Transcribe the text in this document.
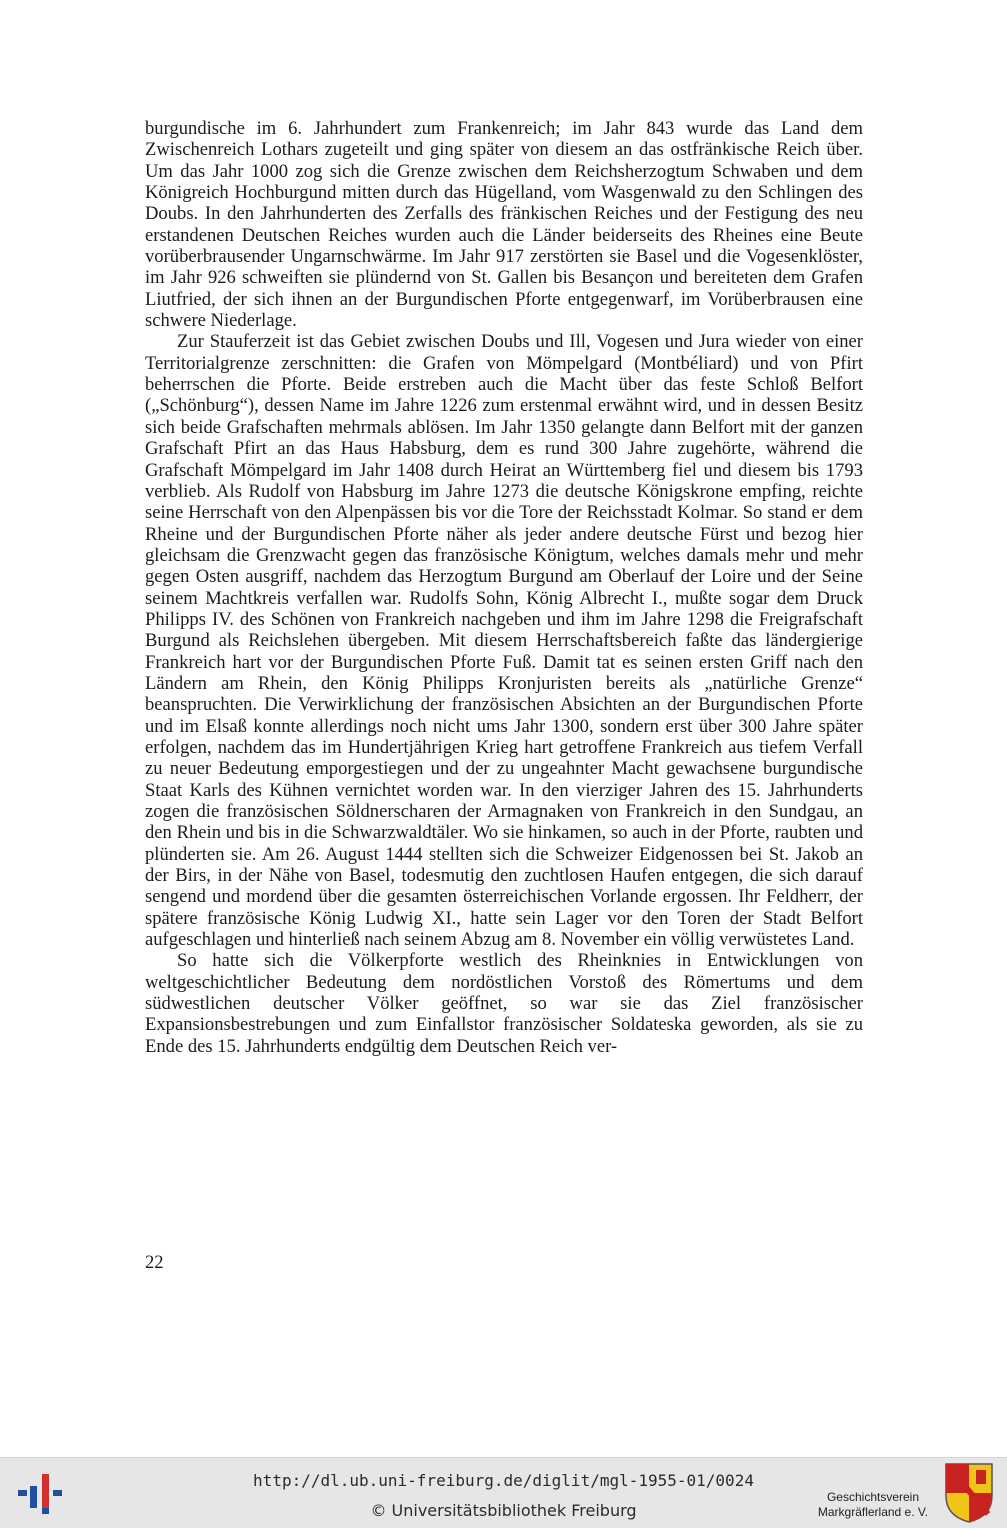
burgundische im 6. Jahrhundert zum Frankenreich; im Jahr 843 wurde das Land dem Zwischenreich Lothars zugeteilt und ging später von diesem an das ostfränkische Reich über. Um das Jahr 1000 zog sich die Grenze zwischen dem Reichsherzogtum Schwaben und dem Königreich Hochburgund mitten durch das Hügelland, vom Wasgenwald zu den Schlingen des Doubs. In den Jahrhunderten des Zerfalls des fränkischen Reiches und der Festigung des neu erstandenen Deutschen Reiches wurden auch die Länder beiderseits des Rheines eine Beute vorüberbrausender Ungarnschwärme. Im Jahr 917 zerstörten sie Basel und die Vogesenklöster, im Jahr 926 schweiften sie plündernd von St. Gallen bis Besançon und bereiteten dem Grafen Liutfried, der sich ihnen an der Burgundischen Pforte entgegenwarf, im Vorüberbrausen eine schwere Niederlage.

Zur Stauferzeit ist das Gebiet zwischen Doubs und Ill, Vogesen und Jura wieder von einer Territorialgrenze zerschnitten: die Grafen von Mömpelgard (Montbéliard) und von Pfirt beherrschen die Pforte. Beide erstreben auch die Macht über das feste Schloß Belfort („Schönburg“), dessen Name im Jahre 1226 zum erstenmal erwähnt wird, und in dessen Besitz sich beide Grafschaften mehrmals ablösen. Im Jahr 1350 gelangte dann Belfort mit der ganzen Grafschaft Pfirt an das Haus Habsburg, dem es rund 300 Jahre zugehörte, während die Grafschaft Mömpelgard im Jahr 1408 durch Heirat an Württemberg fiel und diesem bis 1793 verblieb. Als Rudolf von Habsburg im Jahre 1273 die deutsche Königskrone empfing, reichte seine Herrschaft von den Alpenpässen bis vor die Tore der Reichsstadt Kolmar. So stand er dem Rheine und der Burgundischen Pforte näher als jeder andere deutsche Fürst und bezog hier gleichsam die Grenzwacht gegen das französische Königtum, welches damals mehr und mehr gegen Osten ausgriff, nachdem das Herzogtum Burgund am Oberlauf der Loire und der Seine seinem Machtkreis verfallen war. Rudolfs Sohn, König Albrecht I., mußte sogar dem Druck Philipps IV. des Schönen von Frankreich nachgeben und ihm im Jahre 1298 die Freigrafschaft Burgund als Reichslehen übergeben. Mit diesem Herrschaftsbereich faßte das ländergierige Frankreich hart vor der Burgundischen Pforte Fuß. Damit tat es seinen ersten Griff nach den Ländern am Rhein, den König Philipps Kronjuristen bereits als „natürliche Grenze“ beanspruchten. Die Verwirklichung der französischen Absichten an der Burgundischen Pforte und im Elsaß konnte allerdings noch nicht ums Jahr 1300, sondern erst über 300 Jahre später erfolgen, nachdem das im Hundertjährigen Krieg hart getroffene Frankreich aus tiefem Verfall zu neuer Bedeutung emporgestiegen und der zu ungeahnter Macht gewachsene burgundische Staat Karls des Kühnen vernichtet worden war. In den vierziger Jahren des 15. Jahrhunderts zogen die französischen Söldnerscharen der Armagnaken von Frankreich in den Sundgau, an den Rhein und bis in die Schwarzwaldtäler. Wo sie hinkamen, so auch in der Pforte, raubten und plünderten sie. Am 26. August 1444 stellten sich die Schweizer Eidgenossen bei St. Jakob an der Birs, in der Nähe von Basel, todesmutig den zuchtlosen Haufen entgegen, die sich darauf sengend und mordend über die gesamten österreichischen Vorlande ergossen. Ihr Feldherr, der spätere französische König Ludwig XI., hatte sein Lager vor den Toren der Stadt Belfort aufgeschlagen und hinterließ nach seinem Abzug am 8. November ein völlig verwüstetes Land.

So hatte sich die Völkerpforte westlich des Rheinknies in Entwicklungen von weltgeschichtlicher Bedeutung dem nordöstlichen Vorstoß des Römertums und dem südwestlichen deutscher Völker geöffnet, so war sie das Ziel französischer Expansionsbestrebungen und zum Einfallstor französischer Soldateska geworden, als sie zu Ende des 15. Jahrhunderts endgültig dem Deutschen Reich ver-

22
http://dl.ub.uni-freiburg.de/diglit/mgl-1955-01/0024
© Universitätsbibliothek Freiburg
Geschichtsverein
Markgräflerland e. V.
